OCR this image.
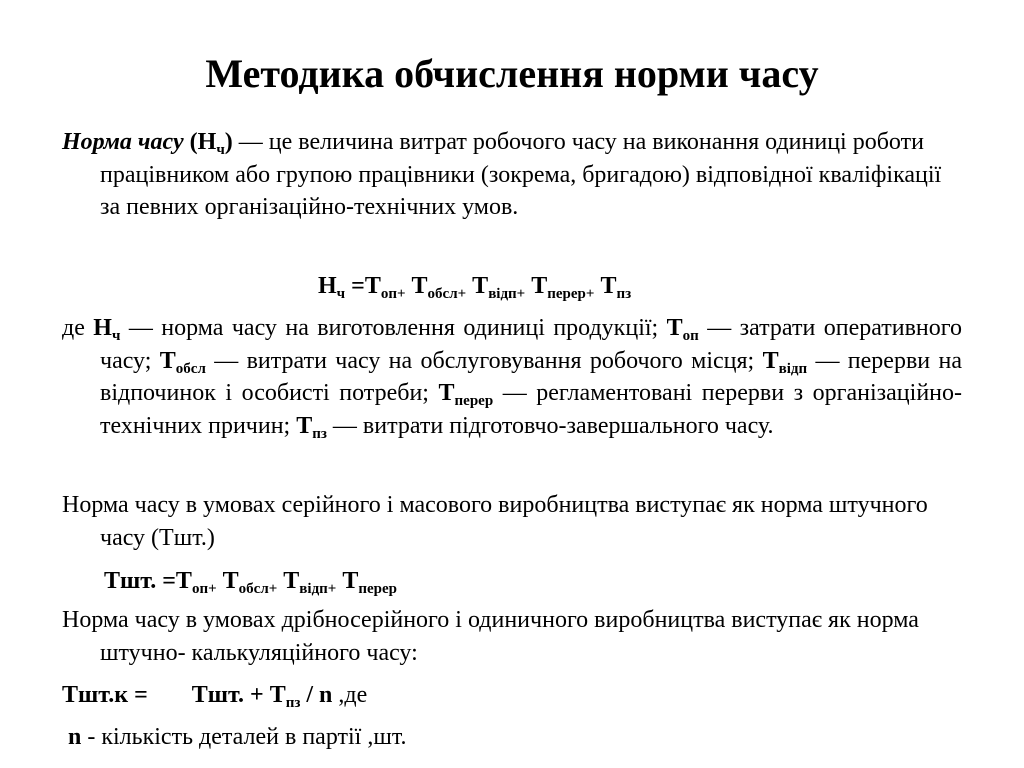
Методика обчислення норми часу
Норма часу $(Н_ч)$ — це величина витрат робочого часу на виконання одиниці роботи працівником або групою працівники (зокрема, бригадою) відповідної кваліфікації за певних організаційно-технічних умов.
$Н_ч =Т_{оп+}$ $Т_{обсл+}$ $Т_{відп+}$ $Т_{перер+}$ $Т_{пз}$
де $Н_ч$ — норма часу на виготовлення одиниці продукції; $Т_{оп}$ — затрати оперативного часу; $Т_{обсл}$ — витрати часу на обслуговування робочого місця; $Т_{відп}$ — перерви на відпочинок і особисті потреби; $Т_{перер}$ — регламентовані перерви з організаційно-технічних причин; $Т_{пз}$ — витрати підготовчо-завершального часу.
Норма часу в умовах серійного і масового виробництва виступає як норма штучного часу (Тшт.)
Тшт. $=Т_{оп+}$ $Т_{обсл+}$ $Т_{відп+}$ $Т_{перер}$
Норма часу в умовах дрібносерійного і одиничного виробництва виступає як норма штучно- калькуляційного часу:
Тшт.к = Тшт. + $Т_{пз}$ / n ,де
n - кількість деталей в партії ,шт.
